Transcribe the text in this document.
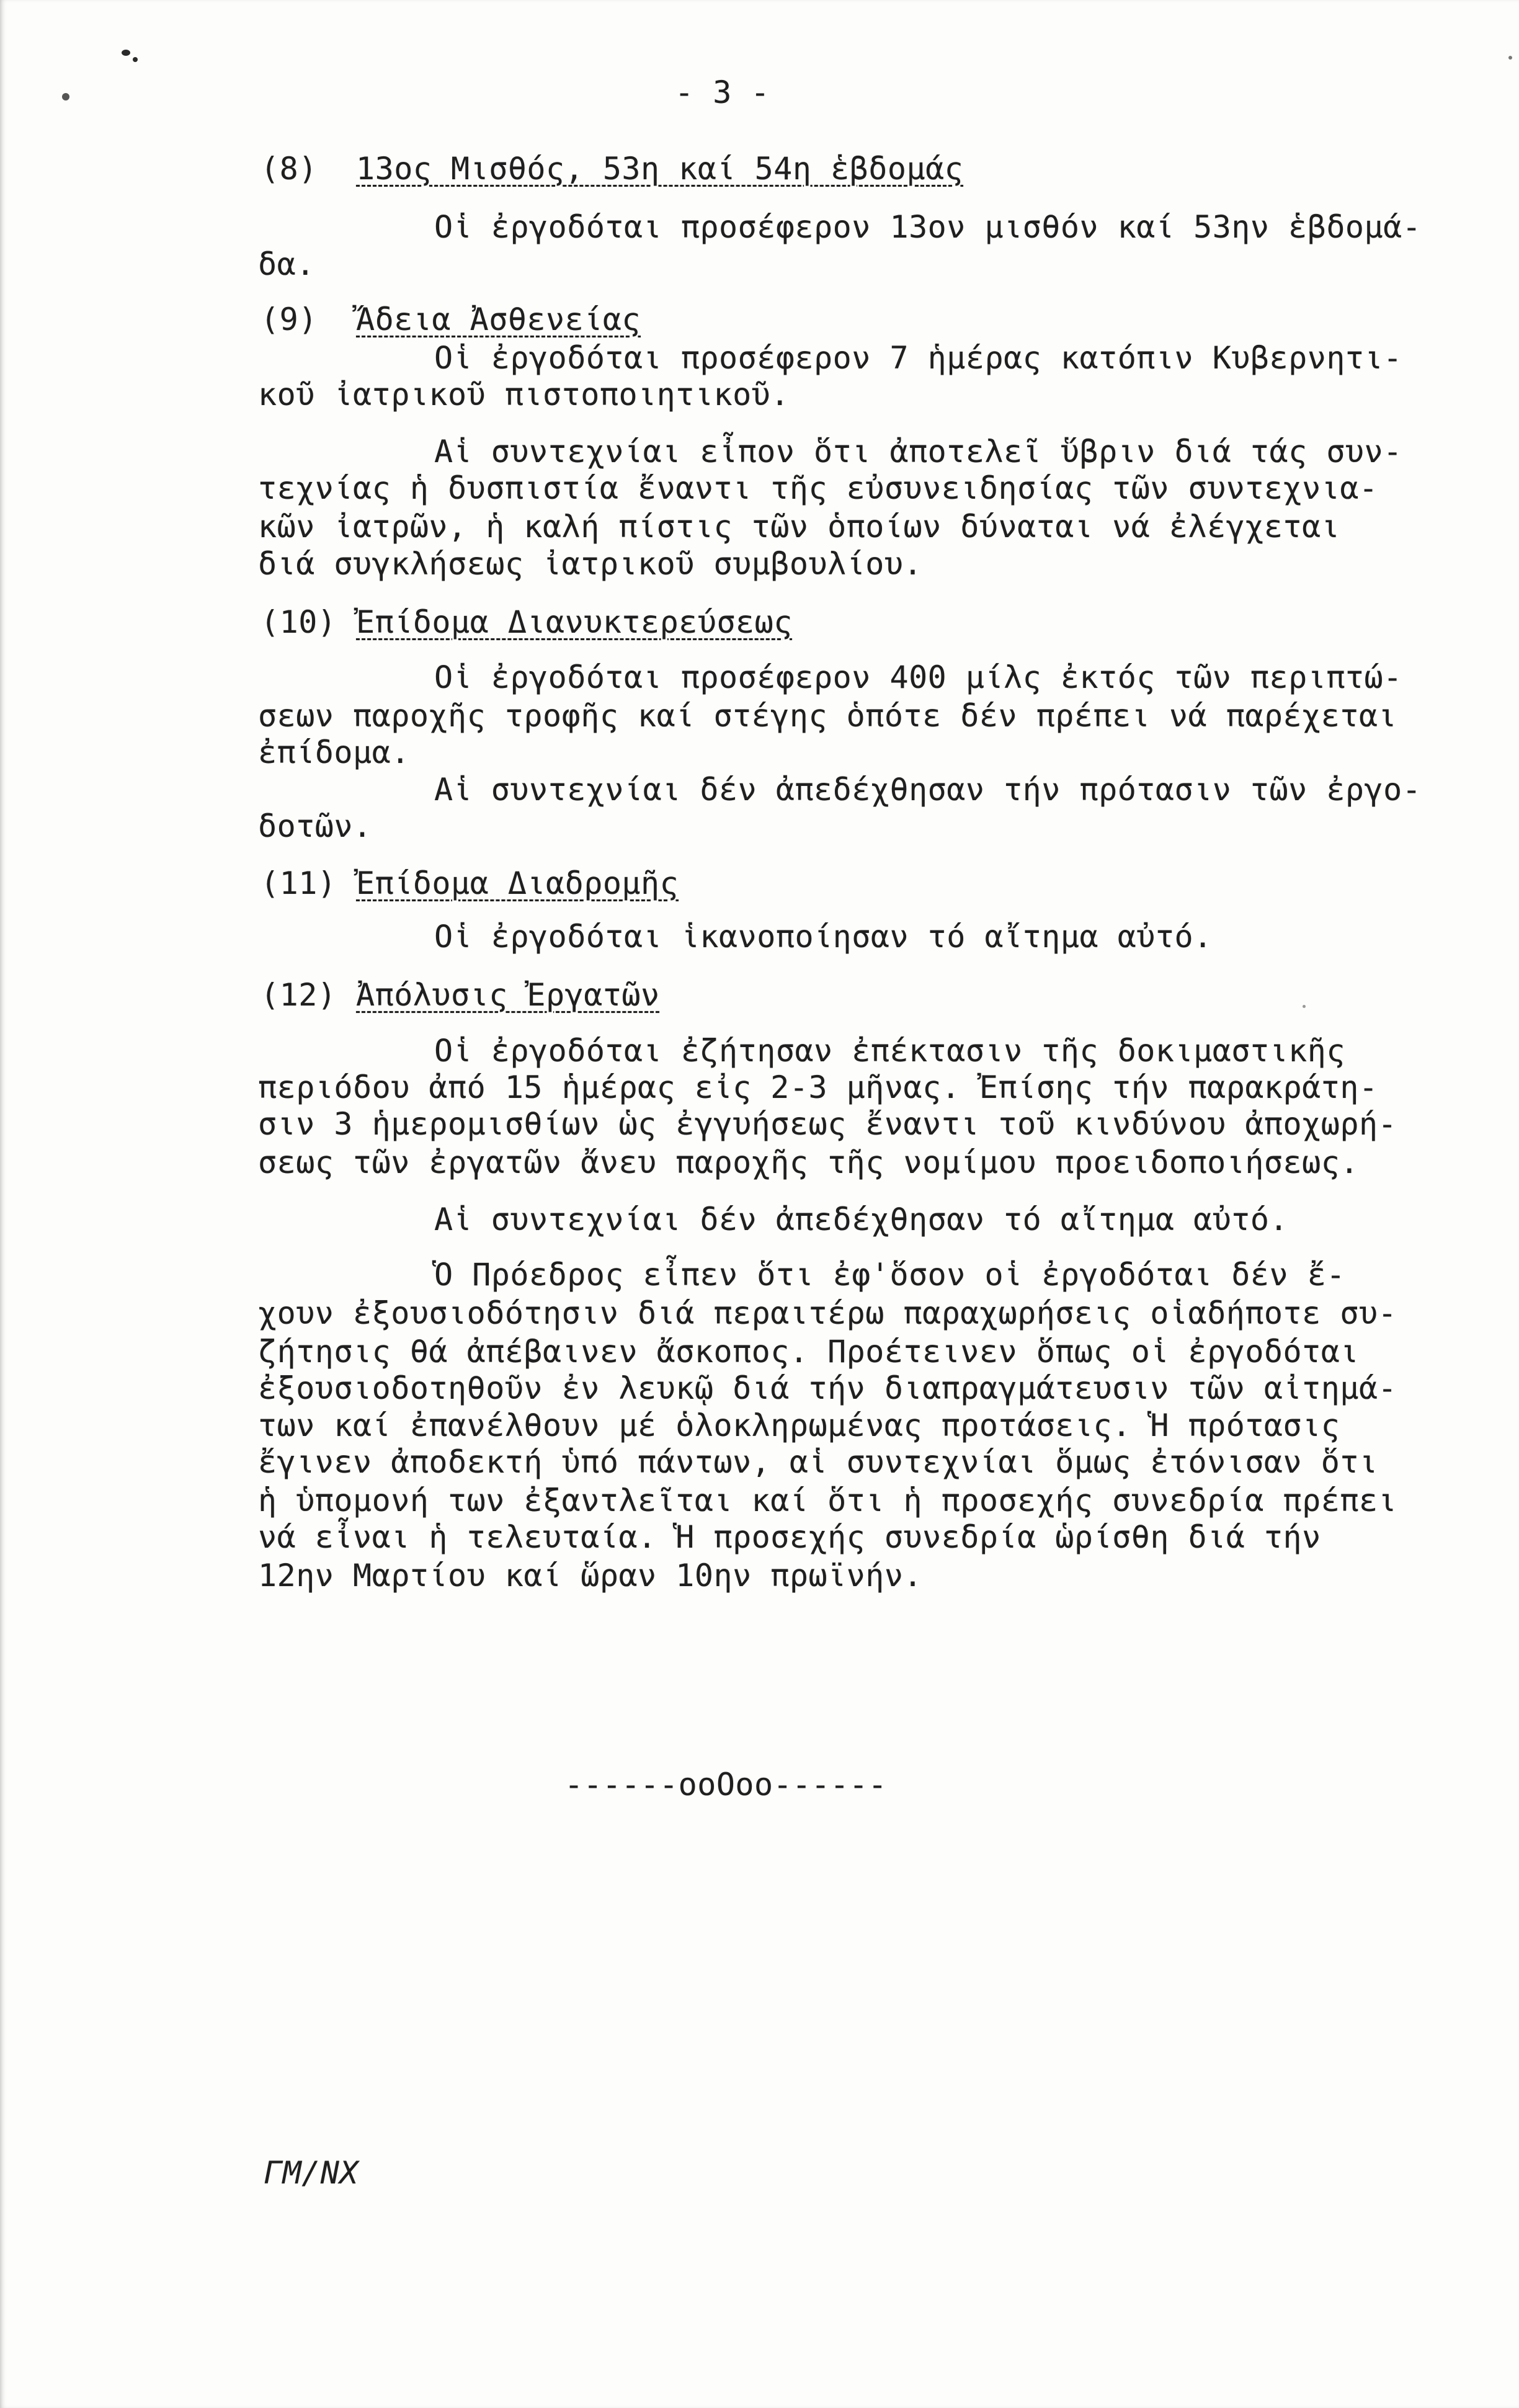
- 3 -
(8) 13ος Μισθός, 53η καί 54η ἑβδομάς
Οἱ ἐργοδόται προσέφερον 13ον μισθόν καί 53ην ἑβδομά-
δα.
(9) Ἄδεια Ἀσθενείας
Οἱ ἐργοδόται προσέφερον 7 ἡμέρας κατόπιν Κυβερνητι-
κοῦ ἰατρικοῦ πιστοποιητικοῦ.
Αἱ συντεχνίαι εἶπον ὅτι ἀποτελεῖ ὕβριν διά τάς συν-
τεχνίας ἡ δυσπιστία ἔναντι τῆς εὐσυνειδησίας τῶν συντεχνια-
κῶν ἰατρῶν, ἡ καλή πίστις τῶν ὁποίων δύναται νά ἐλέγχεται
διά συγκλήσεως ἰατρικοῦ συμβουλίου.
(10) Ἐπίδομα Διανυκτερεύσεως
Οἱ ἐργοδόται προσέφερον 400 μίλς ἐκτός τῶν περιπτώ-
σεων παροχῆς τροφῆς καί στέγης ὁπότε δέν πρέπει νά παρέχεται
ἐπίδομα.
Αἱ συντεχνίαι δέν ἀπεδέχθησαν τήν πρότασιν τῶν ἐργο-
δοτῶν.
(11) Ἐπίδομα Διαδρομῆς
Οἱ ἐργοδόται ἱκανοποίησαν τό αἴτημα αὐτό.
(12) Ἀπόλυσις Ἐργατῶν
Οἱ ἐργοδόται ἐζήτησαν ἐπέκτασιν τῆς δοκιμαστικῆς
περιόδου ἀπό 15 ἡμέρας εἰς 2-3 μῆνας. Ἐπίσης τήν παρακράτη-
σιν 3 ἡμερομισθίων ὡς ἐγγυήσεως ἔναντι τοῦ κινδύνου ἀποχωρή-
σεως τῶν ἐργατῶν ἄνευ παροχῆς τῆς νομίμου προειδοποιήσεως.
Αἱ συντεχνίαι δέν ἀπεδέχθησαν τό αἴτημα αὐτό.
Ὁ Πρόεδρος εἶπεν ὅτι ἐφ'ὅσον οἱ ἐργοδόται δέν ἔ-
χουν ἐξουσιοδότησιν διά περαιτέρω παραχωρήσεις οἱαδήποτε συ-
ζήτησις θά ἀπέβαινεν ἄσκοπος. Προέτεινεν ὅπως οἱ ἐργοδόται
ἐξουσιοδοτηθοῦν ἐν λευκῷ διά τήν διαπραγμάτευσιν τῶν αἰτημά-
των καί ἐπανέλθουν μέ ὁλοκληρωμένας προτάσεις. Ἡ πρότασις
ἔγινεν ἀποδεκτή ὑπό πάντων, αἱ συντεχνίαι ὅμως ἐτόνισαν ὅτι
ἡ ὑπομονή των ἐξαντλεῖται καί ὅτι ἡ προσεχής συνεδρία πρέπει
νά εἶναι ἡ τελευταία. Ἡ προσεχής συνεδρία ὡρίσθη διά τήν
12ην Μαρτίου καί ὥραν 10ην πρωϊνήν.
------ooOoo------
ΓΜ/ΝΧ
